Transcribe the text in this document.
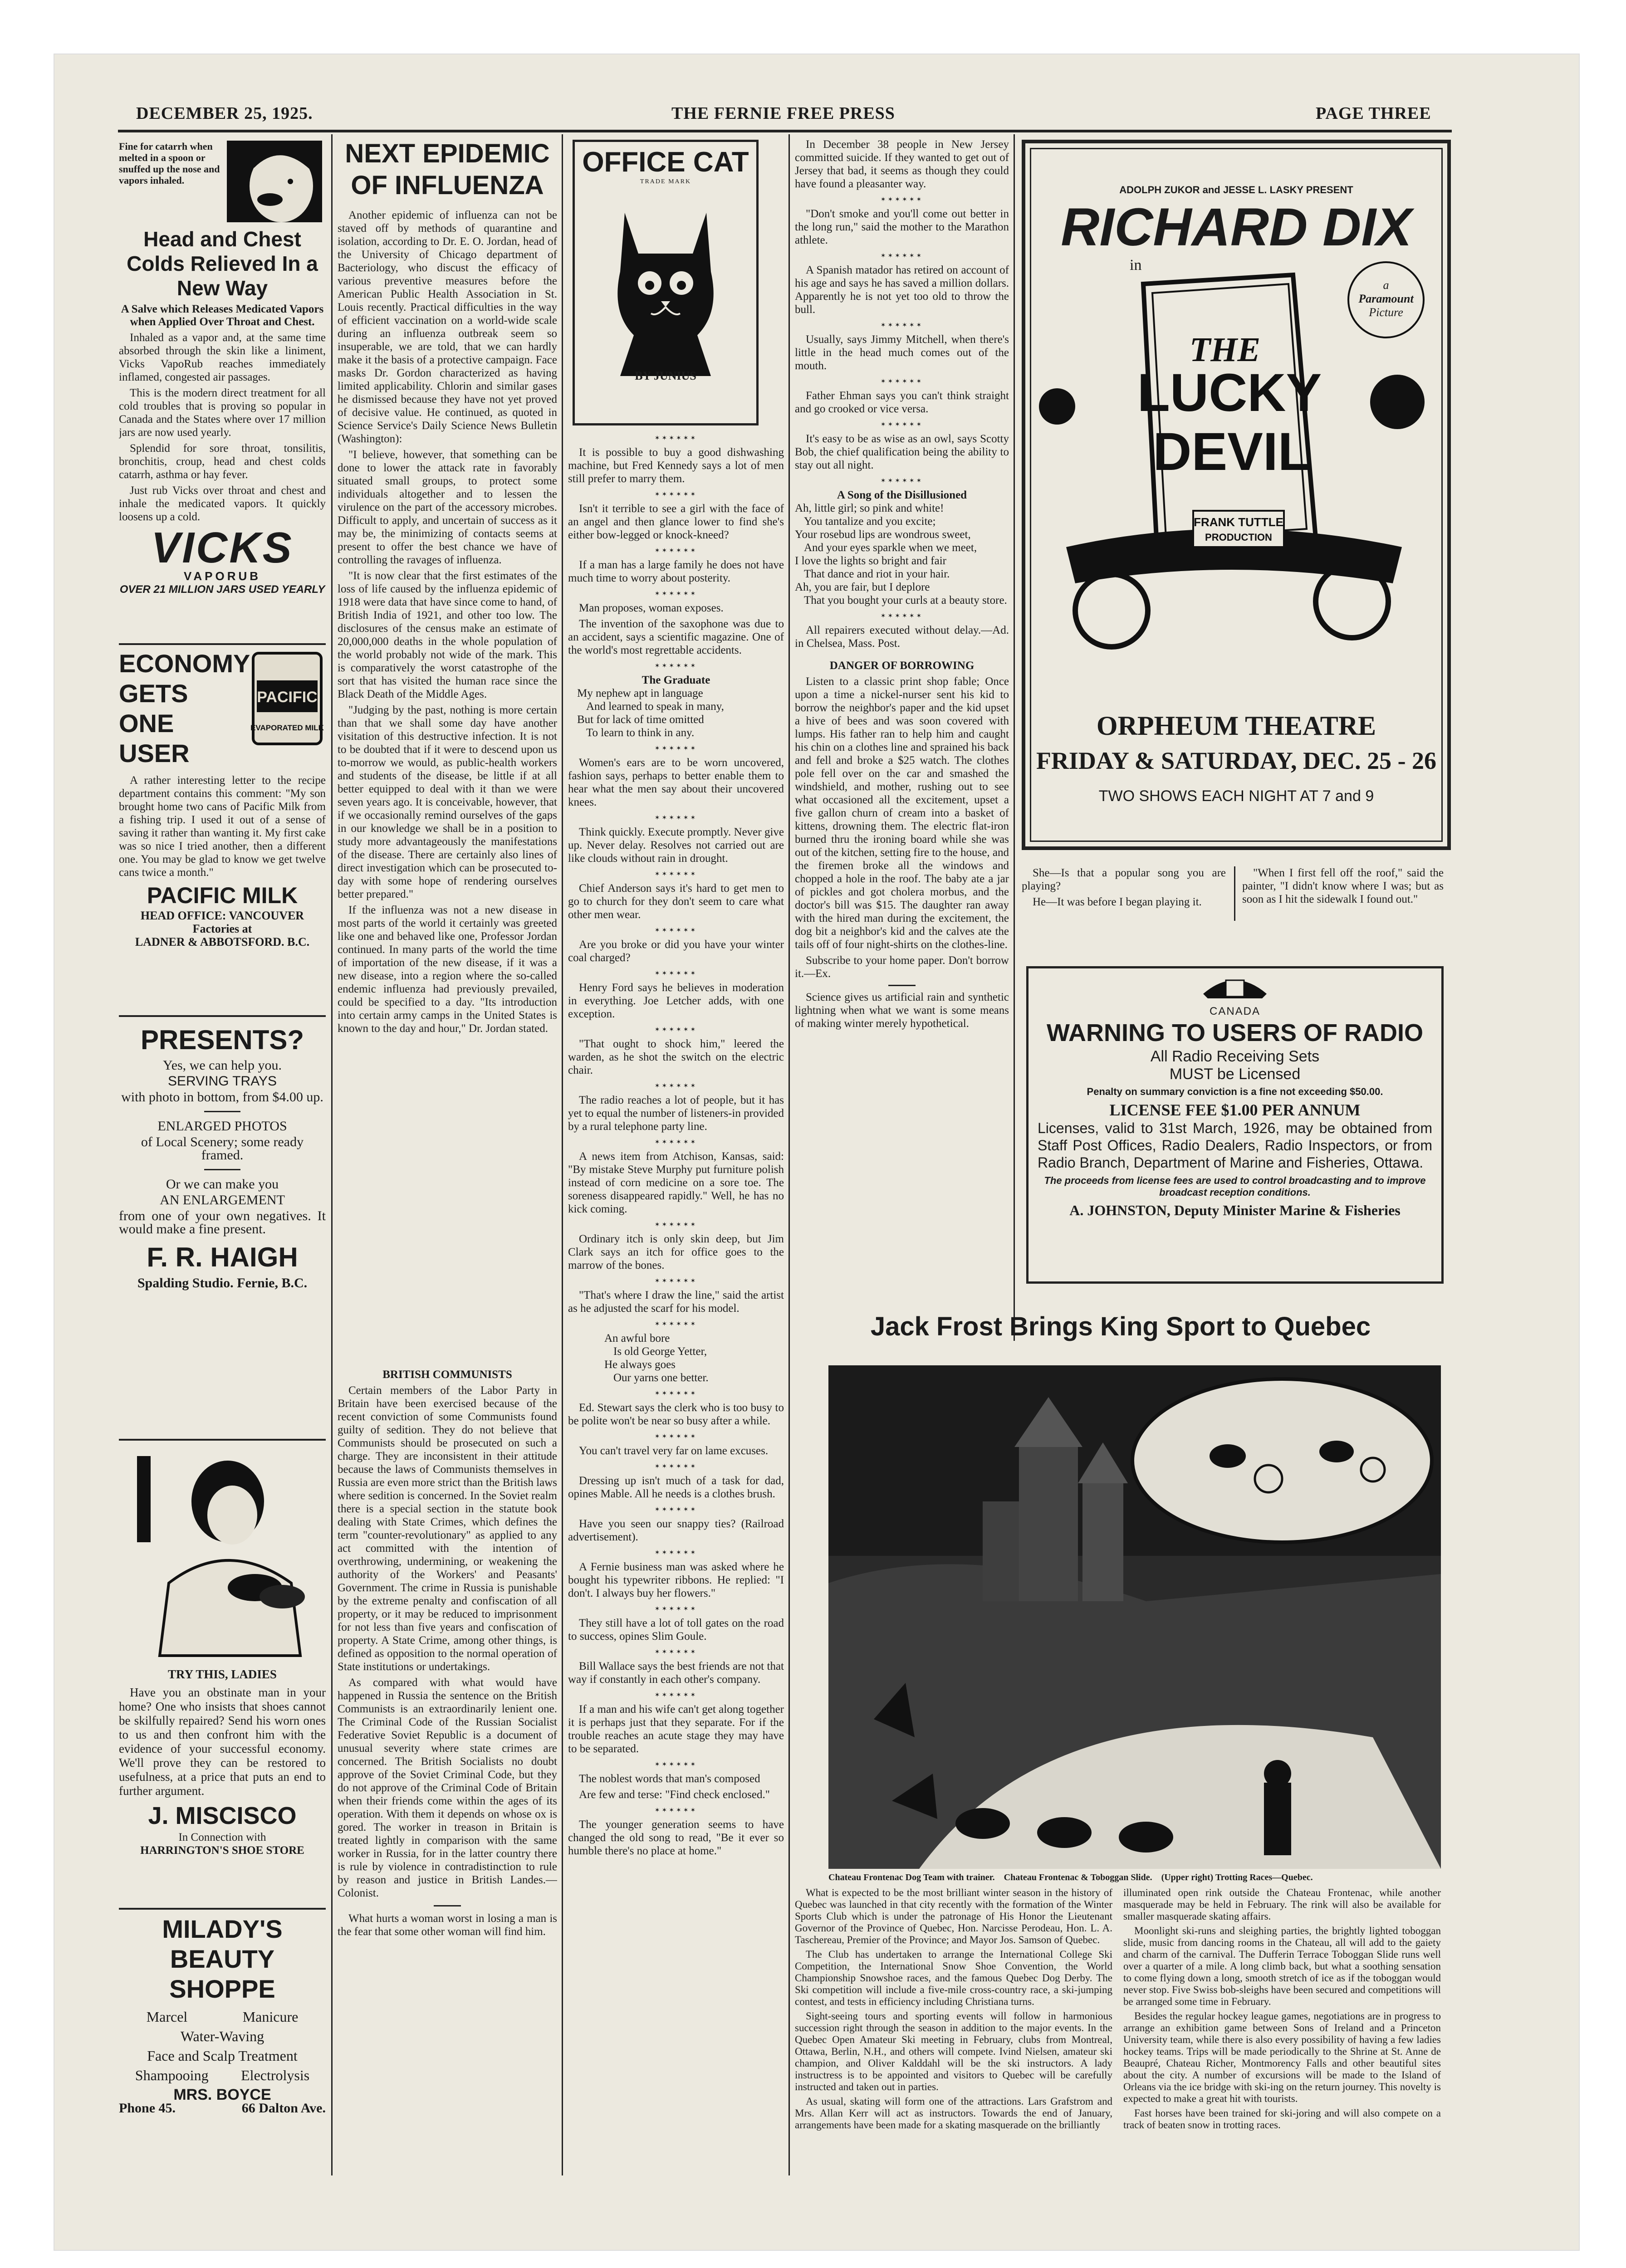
DECEMBER 25, 1925.	THE FERNIE FREE PRESS	PAGE THREE
Fine for catarrh when melted in a spoon or snuffed up the nose and vapors inhaled.
Head and Chest Colds Relieved In a New Way
A Salve which Releases Medicated Vapors when Applied Over Throat and Chest.

Inhaled as a vapor and, at the same time absorbed through the skin like a liniment, Vicks VapoRub reaches immediately inflamed, congested air passages.

This is the modern direct treatment for all cold troubles that is proving so popular in Canada and the States where over 17 million jars are now used yearly.

Splendid for sore throat, tonsilitis, bronchitis, croup, head and chest colds catarrh, asthma or hay fever.

Just rub Vicks over throat and chest and inhale the medicated vapors. It quickly loosens up a cold.

VICKS
VAPORUB
OVER 21 MILLION JARS USED YEARLY
ECONOMY GETS ONE USER
PACIFIC
EVAPORATED MILK

A rather interesting letter to the recipe department contains this comment: "My son brought home two cans of Pacific Milk from a fishing trip. I used it out of a sense of saving it rather than wanting it. My first cake was so nice I tried another, then a different one. You may be glad to know we get twelve cans twice a month."

PACIFIC MILK
HEAD OFFICE: VANCOUVER
Factories at
LADNER & ABBOTSFORD. B.C.
PRESENTS?
Yes, we can help you.
SERVING TRAYS
with photo in bottom, from $4.00 up.
ENLARGED PHOTOS
of Local Scenery; some ready framed.
Or we can make you
AN ENLARGEMENT
from one of your own negatives. It would make a fine present.
F. R. HAIGH
Spalding Studio. Fernie, B.C.
TRY THIS, LADIES

Have you an obstinate man in your home? One who insists that shoes cannot be skilfully repaired? Send his worn ones to us and then confront him with the evidence of your successful economy. We'll prove they can be restored to usefulness, at a price that puts an end to further argument.

J. MISCISCO
In Connection with
HARRINGTON'S SHOE STORE
MILADY'S BEAUTY SHOPPE
Marcel	Manicure
Water-Waving
Face and Scalp Treatment
Shampooing Electrolysis
MRS. BOYCE
Phone 45.	66 Dalton Ave.
NEXT EPIDEMIC OF INFLUENZA

Another epidemic of influenza can not be staved off by methods of quarantine and isolation, according to Dr. E. O. Jordan, head of the University of Chicago department of Bacteriology, who discust the efficacy of various preventive measures before the American Public Health Association in St. Louis recently. Practical difficulties in the way of efficient vaccination on a world-wide scale during an influenza outbreak seem so insuperable, we are told, that we can hardly make it the basis of a protective campaign. Face masks Dr. Gordon characterized as having limited applicability. Chlorin and similar gases he dismissed because they have not yet proved of decisive value. He continued, as quoted in Science Service's Daily Science News Bulletin (Washington):

"I believe, however, that something can be done to lower the attack rate in favorably situated small groups, to protect some individuals altogether and to lessen the virulence on the part of the accessory microbes. Difficult to apply, and uncertain of success as it may be, the minimizing of contacts seems at present to offer the best chance we have of controlling the ravages of influenza.

"It is now clear that the first estimates of the loss of life caused by the influenza epidemic of 1918 were data that have since come to hand, of British India of 1921, and other too low. The disclosures of the census make an estimate of 20,000,000 deaths in the whole population of the world probably not wide of the mark. This is comparatively the worst catastrophe of the sort that has visited the human race since the Black Death of the Middle Ages.

"Judging by the past, nothing is more certain than that we shall some day have another visitation of this destructive infection. It is not to be doubted that if it were to descend upon us to-morrow we would, as public-health workers and students of the disease, be little if at all better equipped to deal with it than we were seven years ago. It is conceivable, however, that if we occasionally remind ourselves of the gaps in our knowledge we shall be in a position to study more advantageously the manifestations of the disease. There are certainly also lines of direct investigation which can be prosecuted to-day with some hope of rendering ourselves better prepared."

If the influenza was not a new disease in most parts of the world it certainly was greeted like one and behaved like one, Professor Jordan continued. In many parts of the world the time of importation of the new disease, if it was a new disease, into a region where the so-called endemic influenza had previously prevailed, could be specified to a day. "Its introduction into certain army camps in the United States is known to the day and hour," Dr. Jordan stated.

BRITISH COMMUNISTS

Certain members of the Labor Party in Britain have been exercised because of the recent conviction of some Communists found guilty of sedition. They do not believe that Communists should be prosecuted on such a charge. They are inconsistent in their attitude because the laws of Communists themselves in Russia are even more strict than the British laws where sedition is concerned. In the Soviet realm there is a special section in the statute book dealing with State Crimes, which defines the term "counter-revolutionary" as applied to any act committed with the intention of overthrowing, undermining, or weakening the authority of the Workers' and Peasants' Government. The crime in Russia is punishable by the extreme penalty and confiscation of all property, or it may be reduced to imprisonment for not less than five years and confiscation of property. A State Crime, among other things, is defined as opposition to the normal operation of State institutions or undertakings.

As compared with what would have happened in Russia the sentence on the British Communists is an extraordinarily lenient one. The Criminal Code of the Russian Socialist Federative Soviet Republic is a document of unusual severity where state crimes are concerned. The British Socialists no doubt approve of the Soviet Criminal Code, but they do not approve of the Criminal Code of Britain when their friends come within the ages of its operation. With them it depends on whose ox is gored. The worker in treason in Britain is treated lightly in comparison with the same worker in Russia, for in the latter country there is rule by violence in contradistinction to rule by reason and justice in British Landes.—Colonist.

What hurts a woman worst in losing a man is the fear that some other woman will find him.

OFFICE CAT
TRADE MARK
BY JUNIUS
✶✶✶✶✶✶

It is possible to buy a good dishwashing machine, but Fred Kennedy says a lot of men still prefer to marry them.

✶✶✶✶✶✶

Isn't it terrible to see a girl with the face of an angel and then glance lower to find she's either bow-legged or knock-kneed?

✶✶✶✶✶✶

If a man has a large family he does not have much time to worry about posterity.

✶✶✶✶✶✶

Man proposes, woman exposes.

The invention of the saxophone was due to an accident, says a scientific magazine. One of the world's most regrettable accidents.

✶✶✶✶✶✶
The Graduate

My nephew apt in language

And learned to speak in many,

But for lack of time omitted

To learn to think in any.

✶✶✶✶✶✶

Women's ears are to be worn uncovered, fashion says, perhaps to better enable them to hear what the men say about their uncovered knees.

✶✶✶✶✶✶

Think quickly. Execute promptly. Never give up. Never delay. Resolves not carried out are like clouds without rain in drought.

✶✶✶✶✶✶

Chief Anderson says it's hard to get men to go to church for they don't seem to care what other men wear.

✶✶✶✶✶✶

Are you broke or did you have your winter coal charged?

✶✶✶✶✶✶

Henry Ford says he believes in moderation in everything. Joe Letcher adds, with one exception.

✶✶✶✶✶✶

"That ought to shock him," leered the warden, as he shot the switch on the electric chair.

✶✶✶✶✶✶

The radio reaches a lot of people, but it has yet to equal the number of listeners-in provided by a rural telephone party line.

✶✶✶✶✶✶

A news item from Atchison, Kansas, said: "By mistake Steve Murphy put furniture polish instead of corn medicine on a sore toe. The soreness disappeared rapidly." Well, he has no kick coming.

✶✶✶✶✶✶

Ordinary itch is only skin deep, but Jim Clark says an itch for office goes to the marrow of the bones.

✶✶✶✶✶✶

"That's where I draw the line," said the artist as he adjusted the scarf for his model.

✶✶✶✶✶✶

An awful bore

Is old George Yetter,

He always goes

Our yarns one better.

✶✶✶✶✶✶

Ed. Stewart says the clerk who is too busy to be polite won't be near so busy after a while.

✶✶✶✶✶✶

You can't travel very far on lame excuses.

✶✶✶✶✶✶

Dressing up isn't much of a task for dad, opines Mable. All he needs is a clothes brush.

✶✶✶✶✶✶

Have you seen our snappy ties? (Railroad advertisement).

✶✶✶✶✶✶

A Fernie business man was asked where he bought his typewriter ribbons. He replied: "I don't. I always buy her flowers."

✶✶✶✶✶✶

They still have a lot of toll gates on the road to success, opines Slim Goule.

✶✶✶✶✶✶

Bill Wallace says the best friends are not that way if constantly in each other's company.

✶✶✶✶✶✶

If a man and his wife can't get along together it is perhaps just that they separate. For if the trouble reaches an acute stage they may have to be separated.

✶✶✶✶✶✶

The noblest words that man's composed

Are few and terse: "Find check enclosed."

✶✶✶✶✶✶

The younger generation seems to have changed the old song to read, "Be it ever so humble there's no place at home."

In December 38 people in New Jersey committed suicide. If they wanted to get out of Jersey that bad, it seems as though they could have found a pleasanter way.

✶✶✶✶✶✶

"Don't smoke and you'll come out better in the long run," said the mother to the Marathon athlete.

✶✶✶✶✶✶

A Spanish matador has retired on account of his age and says he has saved a million dollars. Apparently he is not yet too old to throw the bull.

✶✶✶✶✶✶

Usually, says Jimmy Mitchell, when there's little in the head much comes out of the mouth.

✶✶✶✶✶✶

Father Ehman says you can't think straight and go crooked or vice versa.

✶✶✶✶✶✶

It's easy to be as wise as an owl, says Scotty Bob, the chief qualification being the ability to stay out all night.

✶✶✶✶✶✶
A Song of the Disillusioned

Ah, little girl; so pink and white!

You tantalize and you excite;

Your rosebud lips are wondrous sweet,

And your eyes sparkle when we meet,

I love the lights so bright and fair

That dance and riot in your hair.

Ah, you are fair, but I deplore

That you bought your curls at a beauty store.

✶✶✶✶✶✶

All repairers executed without delay.—Ad. in Chelsea, Mass. Post.

DANGER OF BORROWING

Listen to a classic print shop fable; Once upon a time a nickel-nurser sent his kid to borrow the neighbor's paper and the kid upset a hive of bees and was soon covered with lumps. His father ran to help him and caught his chin on a clothes line and sprained his back and fell and broke a $25 watch. The clothes pole fell over on the car and smashed the windshield, and mother, rushing out to see what occasioned all the excitement, upset a five gallon churn of cream into a basket of kittens, drowning them. The electric flat-iron burned thru the ironing board while she was out of the kitchen, setting fire to the house, and the firemen broke all the windows and chopped a hole in the roof. The baby ate a jar of pickles and got cholera morbus, and the doctor's bill was $15. The daughter ran away with the hired man during the excitement, the dog bit a neighbor's kid and the calves ate the tails off of four night-shirts on the clothes-line.

Subscribe to your home paper. Don't borrow it.—Ex.

Science gives us artificial rain and synthetic lightning when what we want is some means of making winter merely hypothetical.

ADOLPH ZUKOR and JESSE L. LASKY PRESENT
RICHARD DIX
in
THE
LUCKY
DEVIL
FRANK TUTTLE
PRODUCTION
a
Paramount
Picture
ORPHEUM THEATRE
FRIDAY & SATURDAY, DEC. 25 - 26
TWO SHOWS EACH NIGHT AT 7 and 9

She—Is that a popular song you are playing?

He—It was before I began playing it.

"When I first fell off the roof," said the painter, "I didn't know where I was; but as soon as I hit the sidewalk I found out."

CANADA
WARNING TO USERS OF RADIO
All Radio Receiving Sets
MUST be Licensed
Penalty on summary conviction is a fine not exceeding $50.00.
LICENSE FEE $1.00 PER ANNUM
Licenses, valid to 31st March, 1926, may be obtained from Staff Post Offices, Radio Dealers, Radio Inspectors, or from Radio Branch, Department of Marine and Fisheries, Ottawa.
The proceeds from license fees are used to control broadcasting and to improve broadcast reception conditions.
A. JOHNSTON, Deputy Minister Marine & Fisheries
Jack Frost Brings King Sport to Quebec
Chateau Frontenac Dog Team with trainer.    Chateau Frontenac & Toboggan Slide.    (Upper right) Trotting Races—Quebec.

What is expected to be the most brilliant winter season in the history of Quebec was launched in that city recently with the formation of the Winter Sports Club which is under the patronage of His Honor the Lieutenant Governor of the Province of Quebec, Hon. Narcisse Perodeau, Hon. L. A. Taschereau, Premier of the Province; and Mayor Jos. Samson of Quebec.

The Club has undertaken to arrange the International College Ski Competition, the International Snow Shoe Convention, the World Championship Snowshoe races, and the famous Quebec Dog Derby. The Ski competition will include a five-mile cross-country race, a ski-jumping contest, and tests in efficiency including Christiana turns.

Sight-seeing tours and sporting events will follow in harmonious succession right through the season in addition to the major events. In the Quebec Open Amateur Ski meeting in February, clubs from Montreal, Ottawa, Berlin, N.H., and others will compete. Ivind Nielsen, amateur ski champion, and Oliver Kalddahl will be the ski instructors. A lady instructress is to be appointed and visitors to Quebec will be carefully instructed and taken out in parties.

As usual, skating will form one of the attractions. Lars Grafstrom and Mrs. Allan Kerr will act as instructors. Towards the end of January, arrangements have been made for a skating masquerade on the brilliantly

illuminated open rink outside the Chateau Frontenac, while another masquerade may be held in February. The rink will also be available for smaller masquerade skating affairs.

Moonlight ski-runs and sleighing parties, the brightly lighted toboggan slide, music from dancing rooms in the Chateau, all will add to the gaiety and charm of the carnival. The Dufferin Terrace Toboggan Slide runs well over a quarter of a mile. A long climb back, but what a soothing sensation to come flying down a long, smooth stretch of ice as if the toboggan would never stop. Five Swiss bob-sleighs have been secured and competitions will be arranged some time in February.

Besides the regular hockey league games, negotiations are in progress to arrange an exhibition game between Sons of Ireland and a Princeton University team, while there is also every possibility of having a few ladies hockey teams. Trips will be made periodically to the Shrine at St. Anne de Beaupré, Chateau Richer, Montmorency Falls and other beautiful sites about the city. A number of excursions will be made to the Island of Orleans via the ice bridge with ski-ing on the return journey. This novelty is expected to make a great hit with tourists.

Fast horses have been trained for ski-joring and will also compete on a track of beaten snow in trotting races.
